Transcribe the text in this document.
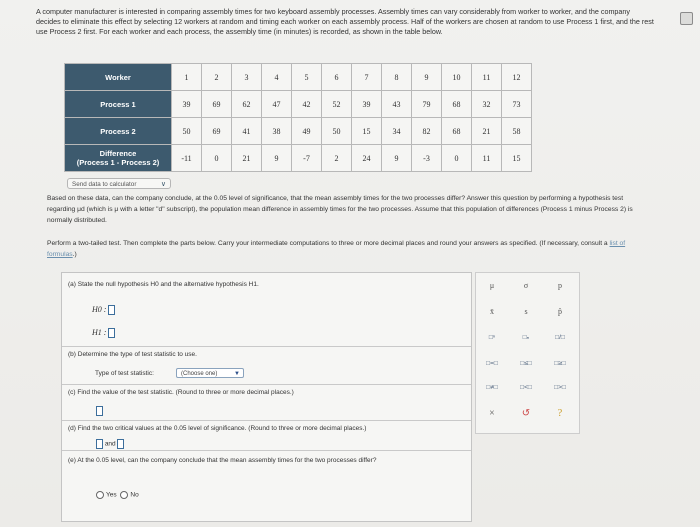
A computer manufacturer is interested in comparing assembly times for two keyboard assembly processes. Assembly times can vary considerably from worker to worker, and the company decides to eliminate this effect by selecting 12 workers at random and timing each worker on each assembly process. Half of the workers are chosen at random to use Process 1 first, and the rest use Process 2 first. For each worker and each process, the assembly time (in minutes) is recorded, as shown in the table below.
Worker	1	2	3	4	5	6	7	8	9	10	11	12
Process 1	39	69	62	47	42	52	39	43	79	68	32	73
Process 2	50	69	41	38	49	50	15	34	82	68	21	58

Difference
(Process 1 - Process 2)	-11	0	21	9	-7	2	24	9	-3	0	11	15
Send data to calculator	∨
Based on these data, can the company conclude, at the 0.05 level of significance, that the mean assembly times for the two processes differ? Answer this question by performing a hypothesis test regarding μd (which is μ with a letter "d" subscript), the population mean difference in assembly times for the two processes. Assume that this population of differences (Process 1 minus Process 2) is normally distributed.
Perform a two-tailed test. Then complete the parts below. Carry your intermediate computations to three or more decimal places and round your answers as specified. (If necessary, consult a list of formulas.)
(a) State the null hypothesis H0 and the alternative hypothesis H1.
H0 :
H1 :
(b) Determine the type of test statistic to use.
Type of test statistic:	(Choose one)	▼
(c) Find the value of the test statistic. (Round to three or more decimal places.)
(d) Find the two critical values at the 0.05 level of significance. (Round to three or more decimal places.)
and
(e) At the 0.05 level, can the company conclude that the mean assembly times for the two processes differ?
Yes No
μ	σ	p
x̄	s	p̂
□ⁿ	□ₙ	□/□
□=□	□≤□	□≥□
□≠□	□<□	□>□
×	↺	?
